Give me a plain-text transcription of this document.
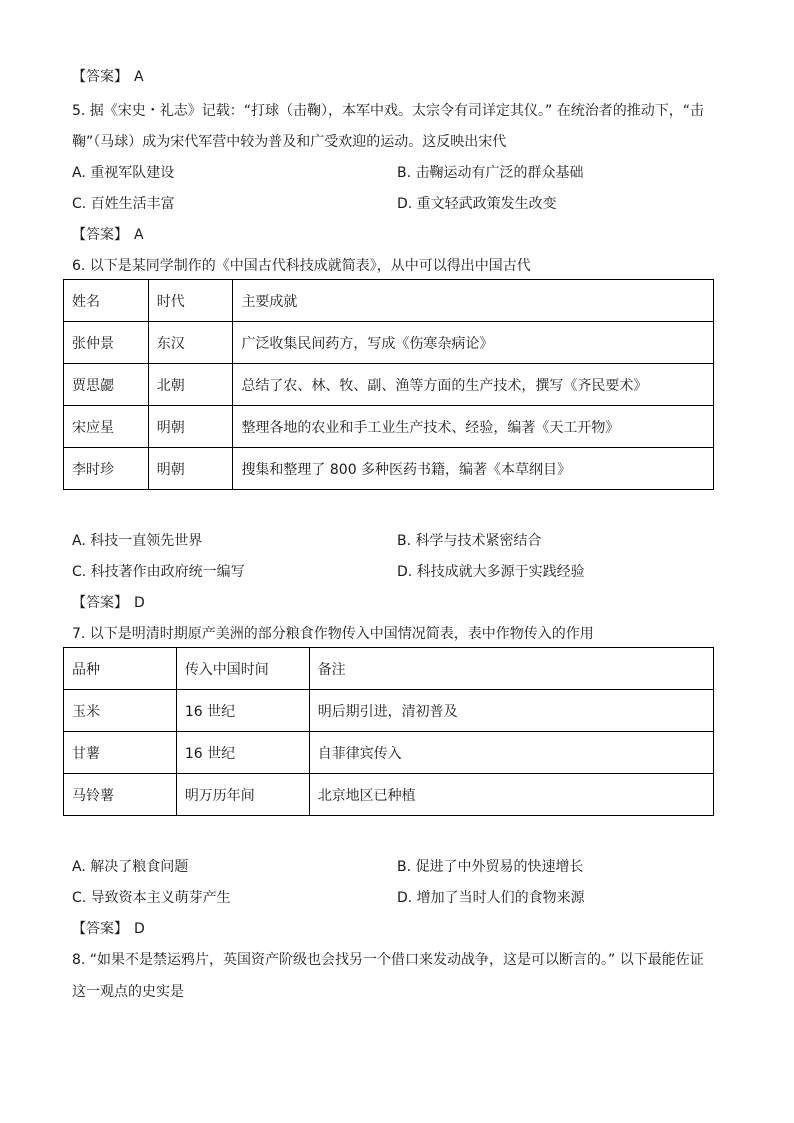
【答案】 A
5. 据《宋史・礼志》记载：“打球（击鞠），本军中戏。太宗令有司详定其仪。” 在统治者的推动下，“击
鞠”（马球）成为宋代军营中较为普及和广受欢迎的运动。这反映出宋代
A. 重视军队建设	B. 击鞠运动有广泛的群众基础
C. 百姓生活丰富	D. 重文轻武政策发生改变
【答案】 A
6. 以下是某同学制作的《中国古代科技成就简表》，从中可以得出中国古代
姓名	时代	主要成就
张仲景	东汉	广泛收集民间药方，写成《伤寒杂病论》
贾思勰	北朝	总结了农、林、牧、副、渔等方面的生产技术，撰写《齐民要术》
宋应星	明朝	整理各地的农业和手工业生产技术、经验，编著《天工开物》
李时珍	明朝	搜集和整理了 800 多种医药书籍，编著《本草纲目》
A. 科技一直领先世界	B. 科学与技术紧密结合
C. 科技著作由政府统一编写	D. 科技成就大多源于实践经验
【答案】 D
7. 以下是明清时期原产美洲的部分粮食作物传入中国情况简表，表中作物传入的作用
品种	传入中国时间	备注
玉米	16 世纪	明后期引进，清初普及
甘薯	16 世纪	自菲律宾传入
马铃薯	明万历年间	北京地区已种植
A. 解决了粮食问题	B. 促进了中外贸易的快速增长
C. 导致资本主义萌芽产生	D. 增加了当时人们的食物来源
【答案】 D
8. “如果不是禁运鸦片，英国资产阶级也会找另一个借口来发动战争，这是可以断言的。” 以下最能佐证
这一观点的史实是
